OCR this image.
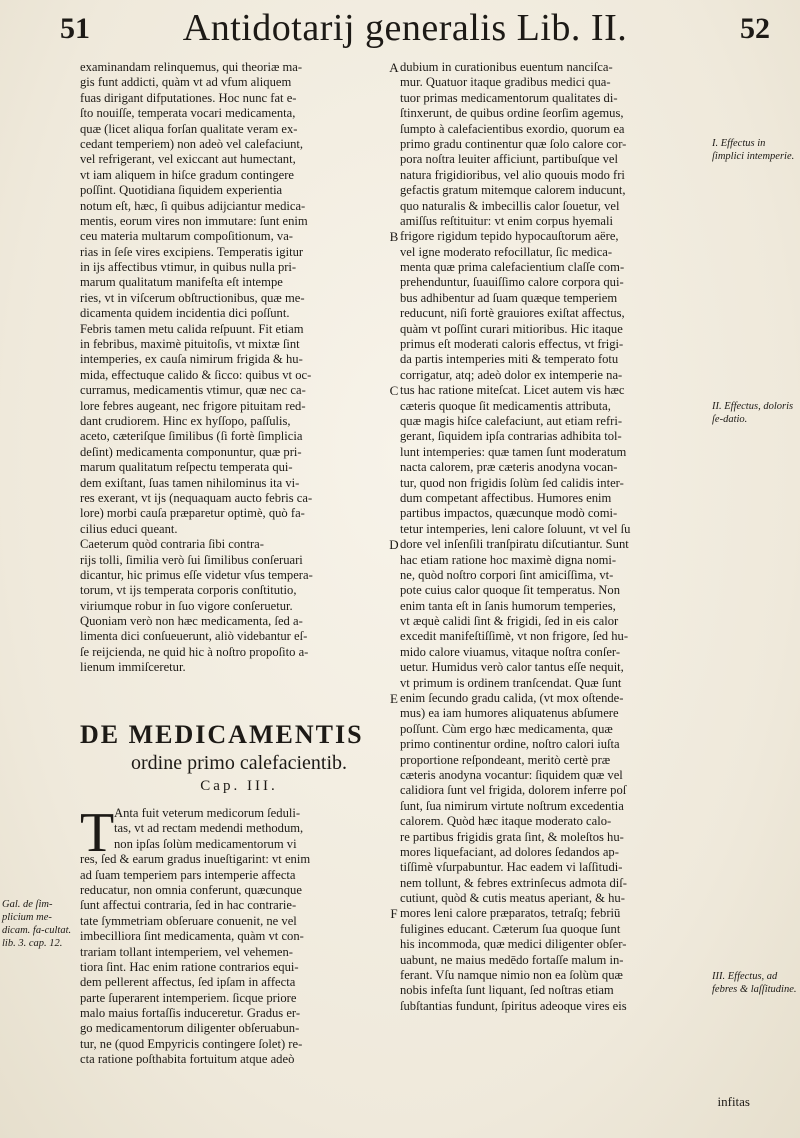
51	Antidotarij generalis Lib. II.	52
examinandam relinquemus, qui theoriæ ma-
gis funt addicti, quàm vt ad vfum aliquem
fuas dirigant difputationes. Hoc nunc fat e-
ſto nouiſſe, temperata vocari medicamenta,
quæ (licet aliqua forſan qualitate veram ex-
cedant temperiem) non adeò vel calefaciunt,
vel refrigerant, vel exiccant aut humectant,
vt iam aliquem in hiſce gradum contingere
poſſint. Quotidiana ſiquidem experientia
notum eſt, hæc, ſi quibus adijciantur medica-
mentis, eorum vires non immutare: ſunt enim
ceu materia multarum compoſitionum, va-
rias in ſeſe vires excipiens. Temperatis igitur
in ijs affectibus vtimur, in quibus nulla pri-
marum qualitatum manifeſta eſt intempe
ries, vt in viſcerum obſtructionibus, quæ me-
dicamenta quidem incidentia dici poſſunt.
Febris tamen metu calida reſpuunt. Fit etiam
in febribus, maximè pituitoſis, vt mixtæ ſint
intemperies, ex cauſa nimirum frigida & hu-
mida, effectuque calido & ſicco: quibus vt oc-
curramus, medicamentis vtimur, quæ nec ca-
lore febres augeant, nec frigore pituitam red-
dant crudiorem. Hinc ex hyſſopo, paſſulis,
aceto, cæteriſque ſimilibus (ſi fortè ſimplicia
deſint) medicamenta componuntur, quæ pri-
marum qualitatum reſpectu temperata qui-
dem exiſtant, ſuas tamen nihilominus ita vi-
res exerant, vt ijs (nequaquam aucto febris ca-
lore) morbi cauſa præparetur optimè, quò fa-
cilius educi queant.
Caeterum quòd contraria ſibi contra-
rijs tolli, ſimilia verò ſui ſimilibus conſeruari
dicantur, hic primus eſſe videtur vſus tempera-
torum, vt ijs temperata corporis conſtitutio,
viriumque robur in ſuo vigore conſeruetur.
Quoniam verò non hæc medicamenta, ſed a-
limenta dici conſueuerunt, aliò videbantur eſ-
ſe reijcienda, ne quid hic à noſtro propoſito a-
lienum immiſceretur.
DE MEDICAMENTIS
ordine primo calefacientib.
Cap. III.
T Anta fuit veterum medicorum ſeduli-
tas, vt ad rectam medendi methodum,
non ipſas ſolùm medicamentorum vi
res, ſed & earum gradus inueſtigarint: vt enim
ad ſuam temperiem pars intemperie affecta
reducatur, non omnia conferunt, quæcunque
ſunt affectui contraria, ſed in hac contrarie-
tate ſymmetriam obſeruare conuenit, ne vel
imbecilliora ſint medicamenta, quàm vt con-
trariam tollant intemperiem, vel vehemen-
tiora ſint. Hac enim ratione contrarios equi-
dem pellerent affectus, ſed ipſam in affecta
parte ſuperarent intemperiem. ſicque priore
malo maius fortaſſis induceretur. Gradus er-
go medicamentorum diligenter obſeruabun-
tur, ne (quod Empyricis contingere ſolet) re-
cta ratione poſthabita fortuitum atque adeò
dubium in curationibus euentum nanciſca-
mur. Quatuor itaque gradibus medici qua-
tuor primas medicamentorum qualitates di-
ſtinxerunt, de quibus ordine ſeorſim agemus,
ſumpto à calefacientibus exordio, quorum ea
primo gradu continentur quæ ſolo calore cor-
pora noſtra leuiter afficiunt, partibuſque vel
natura frigidioribus, vel alio quouis modo fri
gefactis gratum mitemque calorem inducunt,
quo naturalis & imbecillis calor ſouetur, vel
amiſſus reſtituitur: vt enim corpus hyemali
frigore rigidum tepido hypocauſtorum aëre,
vel igne moderato refocillatur, ſic medica-
menta quæ prima calefacientium claſſe com-
prehenduntur, ſuauiſſimo calore corpora qui-
bus adhibentur ad ſuam quæque temperiem
reducunt, niſi fortè grauiores exiſtat affectus,
quàm vt poſſint curari mitioribus. Hic itaque
primus eſt moderati caloris effectus, vt frigi-
da partis intemperies miti & temperato fotu
corrigatur, atq; adeò dolor ex intemperie na-
tus hac ratione miteſcat. Licet autem vis hæc
cæteris quoque ſit medicamentis attributa,
quæ magis hiſce calefaciunt, aut etiam refri-
gerant, ſiquidem ipſa contrarias adhibita tol-
lunt intemperies: quæ tamen ſunt moderatum
nacta calorem, præ cæteris anodyna vocan-
tur, quod non frigidis ſolùm ſed calidis inter-
dum competant affectibus. Humores enim
partibus impactos, quæcunque modò comi-
tetur intemperies, leni calore ſoluunt, vt vel ſu
dore vel inſenſili tranſpiratu diſcutiantur. Sunt
hac etiam ratione hoc maximè digna nomi-
ne, quòd noſtro corpori ſint amiciſſima, vt-
pote cuius calor quoque ſit temperatus. Non
enim tanta eſt in ſanis humorum temperies,
vt æquè calidi ſint & frigidi, ſed in eis calor
excedit manifeſtiſſimè, vt non frigore, ſed hu-
mido calore viuamus, vitaque noſtra conſer-
uetur. Humidus verò calor tantus eſſe nequit,
vt primum is ordinem tranſcendat. Quæ ſunt
enim ſecundo gradu calida, (vt mox oſtende-
mus) ea iam humores aliquatenus abſumere
poſſunt. Cùm ergo hæc medicamenta, quæ
primo continentur ordine, noſtro calori iuſta
proportione reſpondeant, meritò certè præ
cæteris anodyna vocantur: ſiquidem quæ vel
calidiora ſunt vel frigida, dolorem inferre poſ
ſunt, ſua nimirum virtute noſtrum excedentia
calorem. Quòd hæc itaque moderato calo-
re partibus frigidis grata ſint, & moleſtos hu-
mores liquefaciant, ad dolores ſedandos ap-
tiſſimè vſurpabuntur. Hac eadem vi laſſitudi-
nem tollunt, & febres extrinſecus admota diſ-
cutiunt, quòd & cutis meatus aperiant, & hu-
mores leni calore præparatos, tetraſq; febriū
fuligines educant. Cæterum ſua quoque ſunt
his incommoda, quæ medici diligenter obſer-
uabunt, ne maius medēdo fortaſſe malum in-
ferant. Vſu namque nimio non ea ſolùm quæ
nobis infeſta ſunt liquant, ſed noſtras etiam
ſubſtantias fundunt, ſpiritus adeoque vires eis
A
B
C
D
E
F
Gal. de ſim-plicium me-dicam. fa-cultat. lib. 3. cap. 12.
I. Effectus in ſimplici intemperie.
II. Effectus, doloris ſe-datio.
III. Effectus, ad febres & laſſitudine.
infitas
